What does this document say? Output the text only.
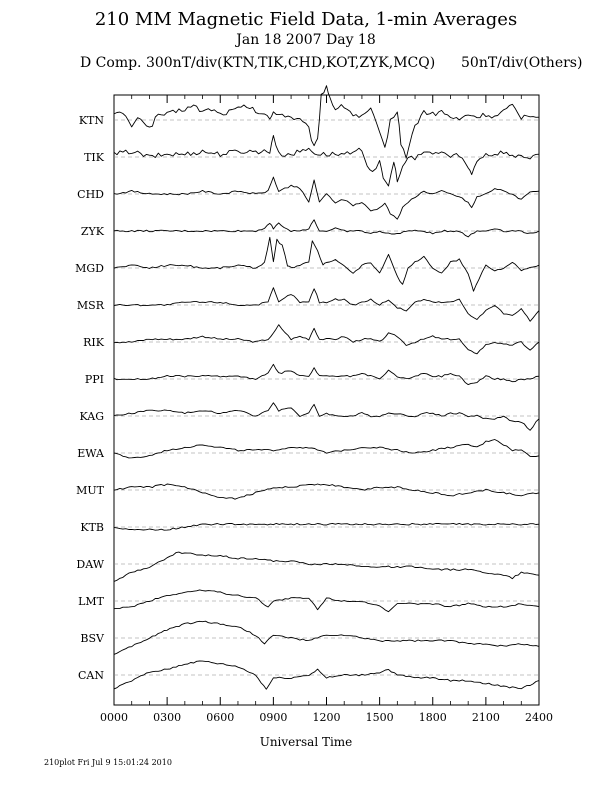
210 MM Magnetic Field Data, 1-min Averages
Jan 18 2007 Day 18
D Comp. 300nT/div(KTN,TIK,CHD,KOT,ZYK,MCQ) 50nT/div(Others)
KTN
TIK
CHD
ZYK
MGD
MSR
RIK
PPI
KAG
EWA
MUT
KTB
DAW
LMT
BSV
CAN
0000 0300 0600 0900 1200 1500 1800 2100 2400
Universal Time
210plot Fri Jul 9 15:01:24 2010
